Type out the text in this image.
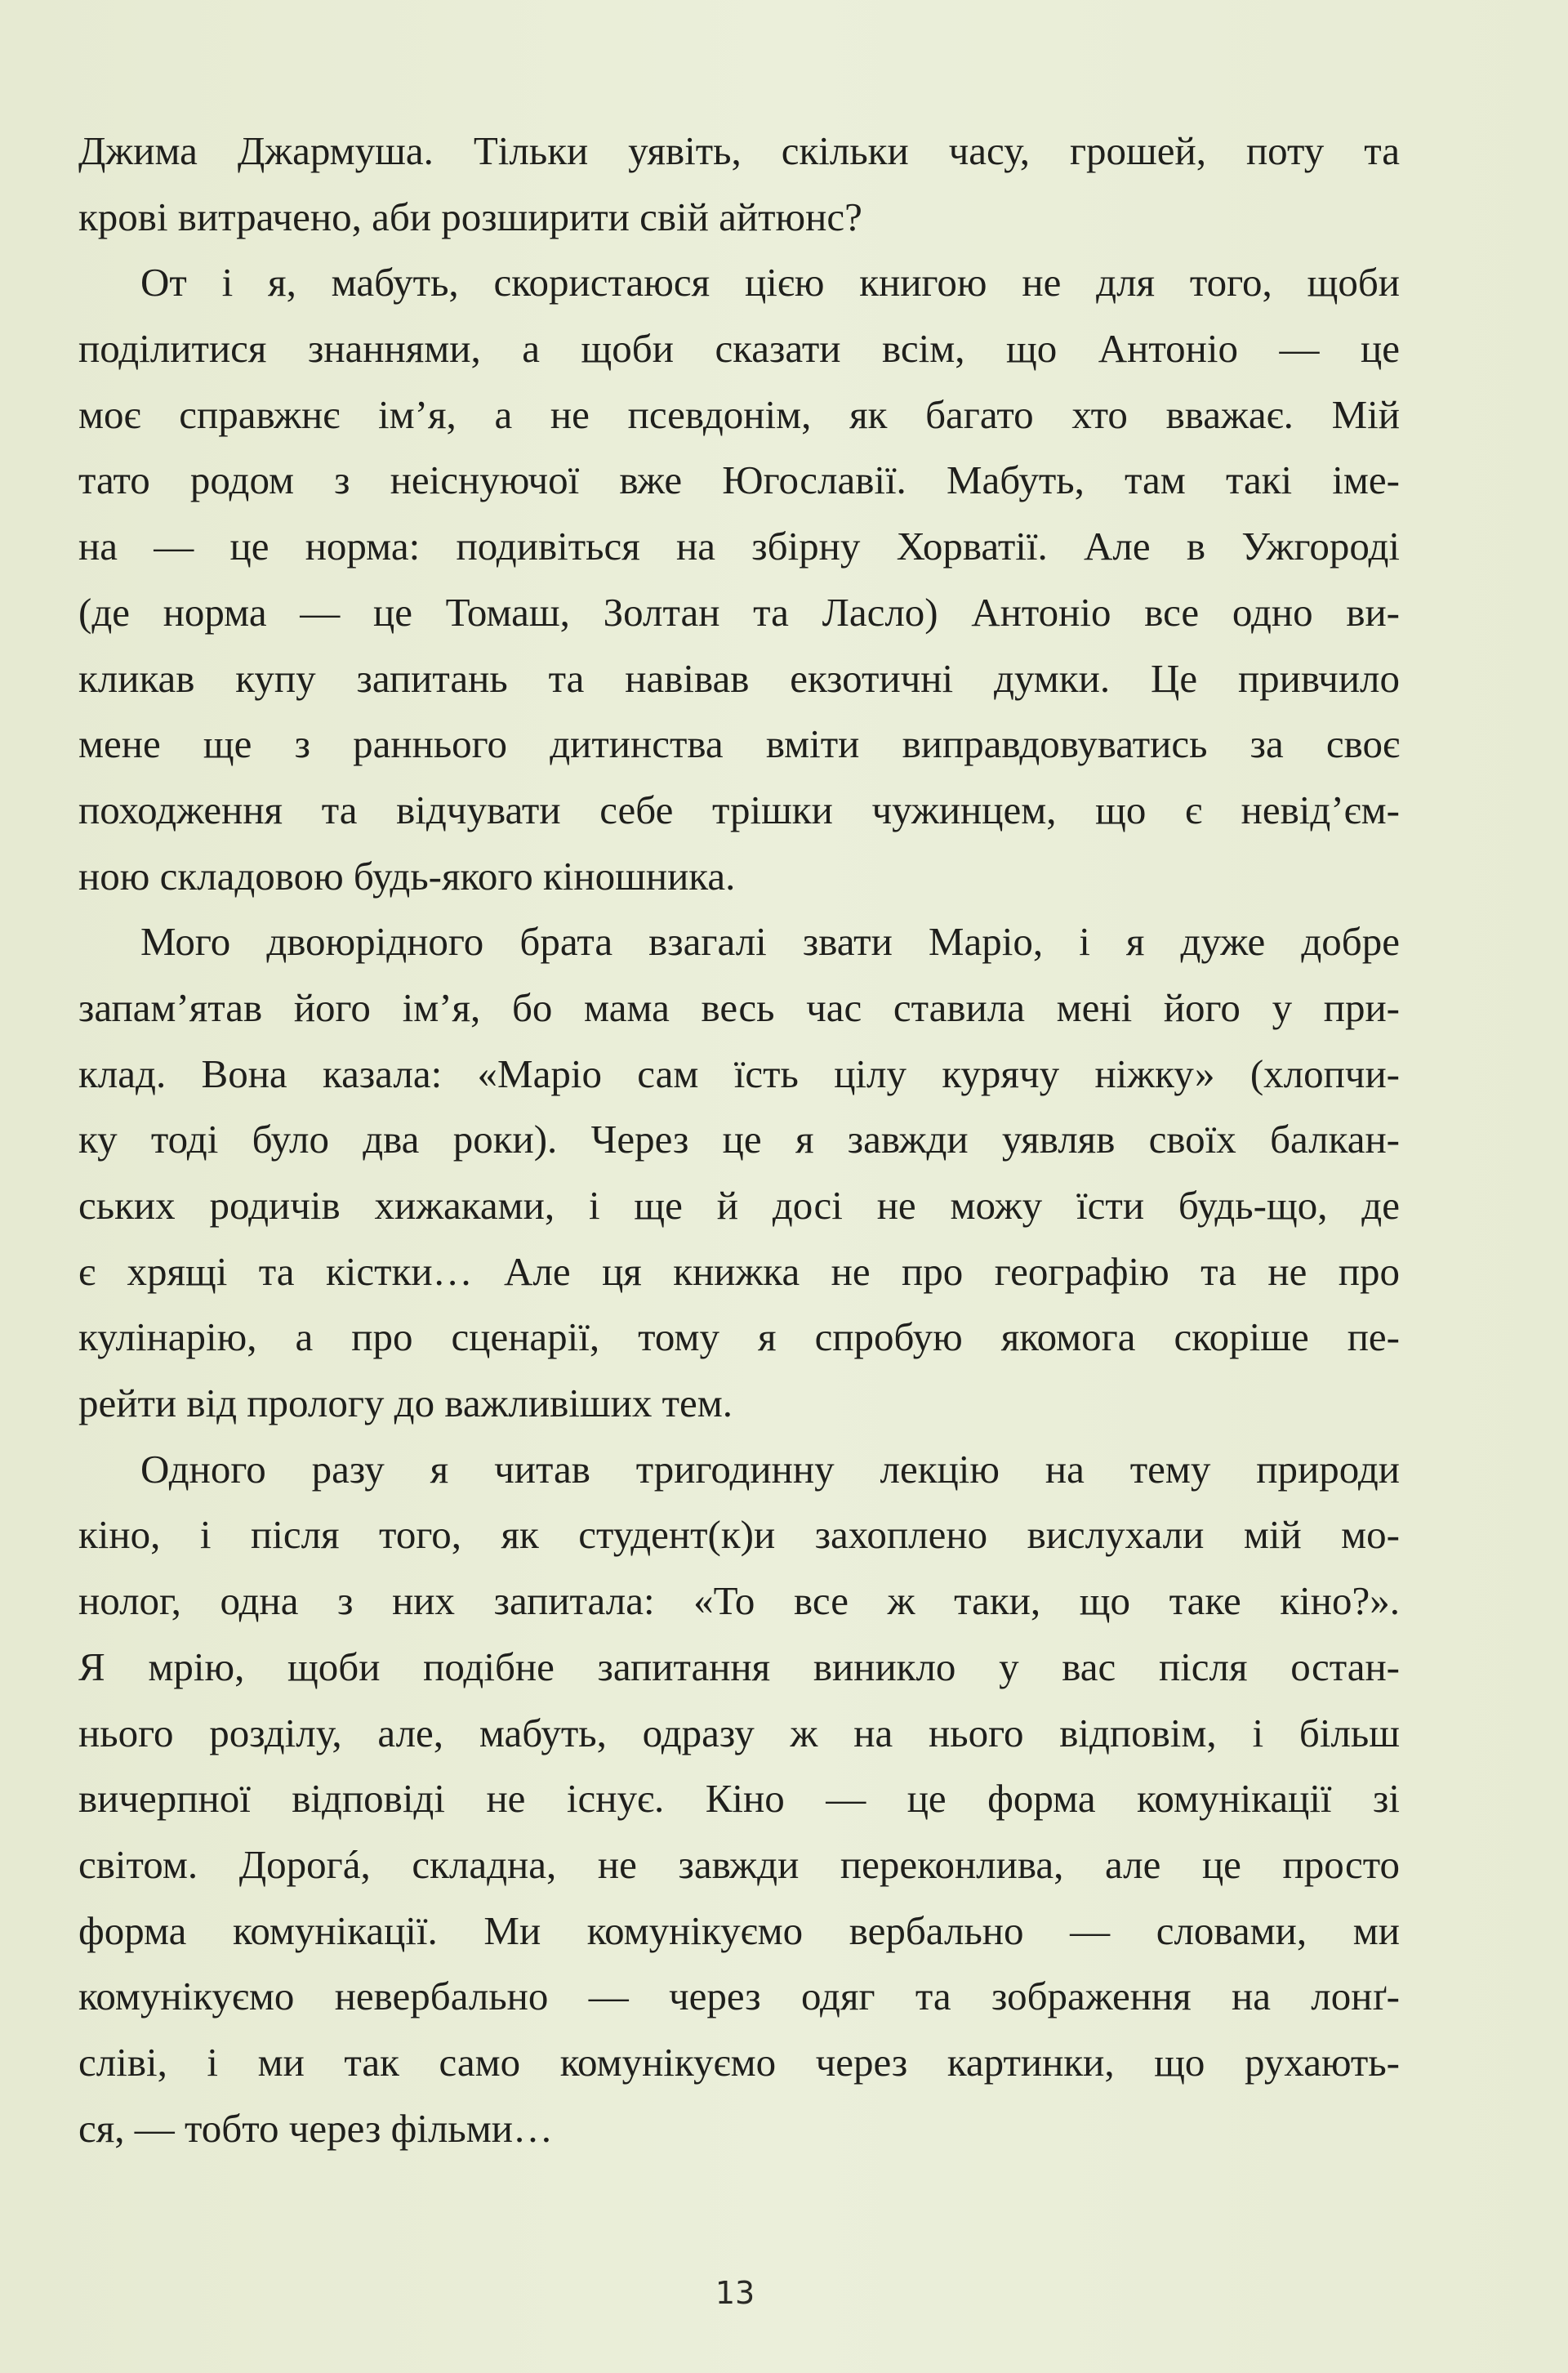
Джима Джармуша. Тільки уявіть, скільки часу, грошей, поту та
крові витрачено, аби розширити свій айтюнс?
От і я, мабуть, скористаюся цією книгою не для того, щоби
поділитися знаннями, а щоби сказати всім, що Антоніо — це
моє справжнє ім’я, а не псевдонім, як багато хто вважає. Мій
тато родом з неіснуючої вже Югославії. Мабуть, там такі іме-
на — це норма: подивіться на збірну Хорватії. Але в Ужгороді
(де норма — це Томаш, Золтан та Ласло) Антоніо все одно ви-
кликав купу запитань та навівав екзотичні думки. Це привчило
мене ще з раннього дитинства вміти виправдовуватись за своє
походження та відчувати себе трішки чужинцем, що є невід’єм-
ною складовою будь-якого кіношника.
Мого двоюрідного брата взагалі звати Маріо, і я дуже добре
запам’ятав його ім’я, бо мама весь час ставила мені його у при-
клад. Вона казала: «Маріо сам їсть цілу курячу ніжку» (хлопчи-
ку тоді було два роки). Через це я завжди уявляв своїх балкан-
ських родичів хижаками, і ще й досі не можу їсти будь-що, де
є хрящі та кістки… Але ця книжка не про географію та не про
кулінарію, а про сценарії, тому я спробую якомога скоріше пе-
рейти від прологу до важливіших тем.
Одного разу я читав тригодинну лекцію на тему природи
кіно, і після того, як студент(к)и захоплено вислухали мій мо-
нолог, одна з них запитала: «То все ж таки, що таке кіно?».
Я мрію, щоби подібне запитання виникло у вас після остан-
нього розділу, але, мабуть, одразу ж на нього відповім, і більш
вичерпної відповіді не існує. Кіно — це форма комунікації зі
світом. Дорогá, складна, не завжди переконлива, але це просто
форма комунікації. Ми комунікуємо вербально — словами, ми
комунікуємо невербально — через одяг та зображення на лонґ-
сліві, і ми так само комунікуємо через картинки, що рухають-
ся, — тобто через фільми…
13
